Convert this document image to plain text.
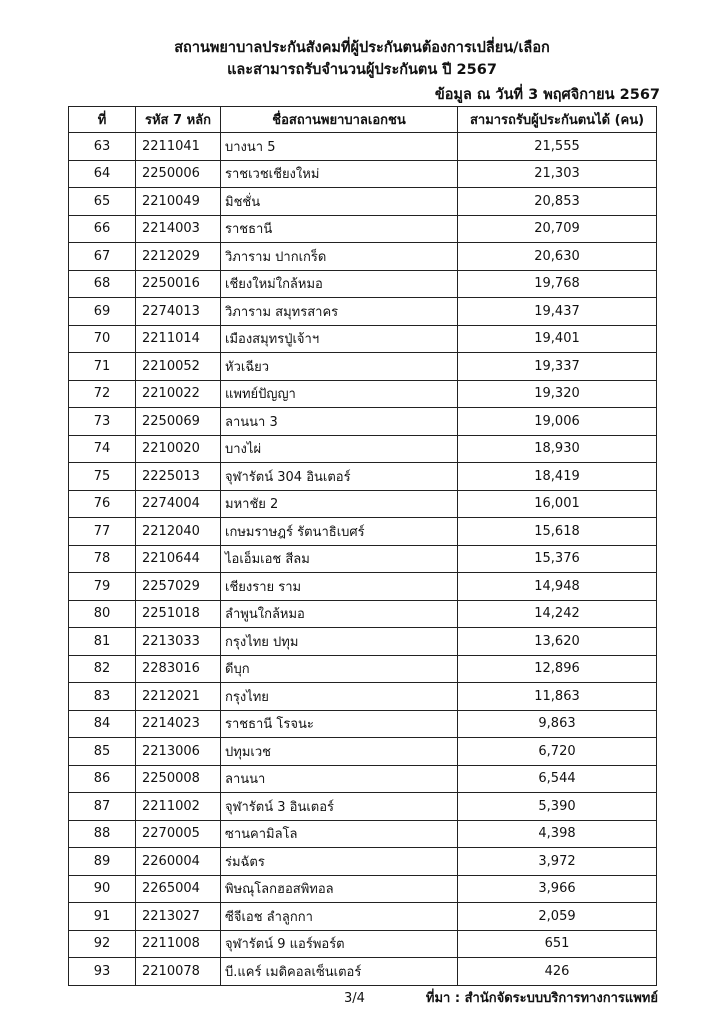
สถานพยาบาลประกันสังคมที่ผู้ประกันตนต้องการเปลี่ยน/เลือก
และสามารถรับจำนวนผู้ประกันตน ปี 2567
ข้อมูล ณ วันที่ 3 พฤศจิกายน 2567
ที่	รหัส 7 หลัก	ชื่อสถานพยาบาลเอกชน	สามารถรับผู้ประกันตนได้ (คน)
63	2211041	บางนา 5	21,555
64	2250006	ราชเวชเชียงใหม่	21,303
65	2210049	มิชชั่น	20,853
66	2214003	ราชธานี	20,709
67	2212029	วิภาราม ปากเกร็ด	20,630
68	2250016	เชียงใหม่ใกล้หมอ	19,768
69	2274013	วิภาราม สมุทรสาคร	19,437
70	2211014	เมืองสมุทรปู่เจ้าฯ	19,401
71	2210052	หัวเฉียว	19,337
72	2210022	แพทย์ปัญญา	19,320
73	2250069	ลานนา 3	19,006
74	2210020	บางไผ่	18,930
75	2225013	จุฬารัตน์ 304 อินเตอร์	18,419
76	2274004	มหาชัย 2	16,001
77	2212040	เกษมราษฎร์ รัตนาธิเบศร์	15,618
78	2210644	ไอเอ็มเอช สีลม	15,376
79	2257029	เชียงราย ราม	14,948
80	2251018	ลำพูนใกล้หมอ	14,242
81	2213033	กรุงไทย ปทุม	13,620
82	2283016	ดีบุก	12,896
83	2212021	กรุงไทย	11,863
84	2214023	ราชธานี โรจนะ	9,863
85	2213006	ปทุมเวช	6,720
86	2250008	ลานนา	6,544
87	2211002	จุฬารัตน์ 3 อินเตอร์	5,390
88	2270005	ซานคามิลโล	4,398
89	2260004	ร่มฉัตร	3,972
90	2265004	พิษณุโลกฮอสพิทอล	3,966
91	2213027	ซีจีเอช ลำลูกกา	2,059
92	2211008	จุฬารัตน์ 9 แอร์พอร์ต	651
93	2210078	บี.แคร์ เมดิคอลเซ็นเตอร์	426
3/4	ที่มา : สำนักจัดระบบบริการทางการแพทย์
